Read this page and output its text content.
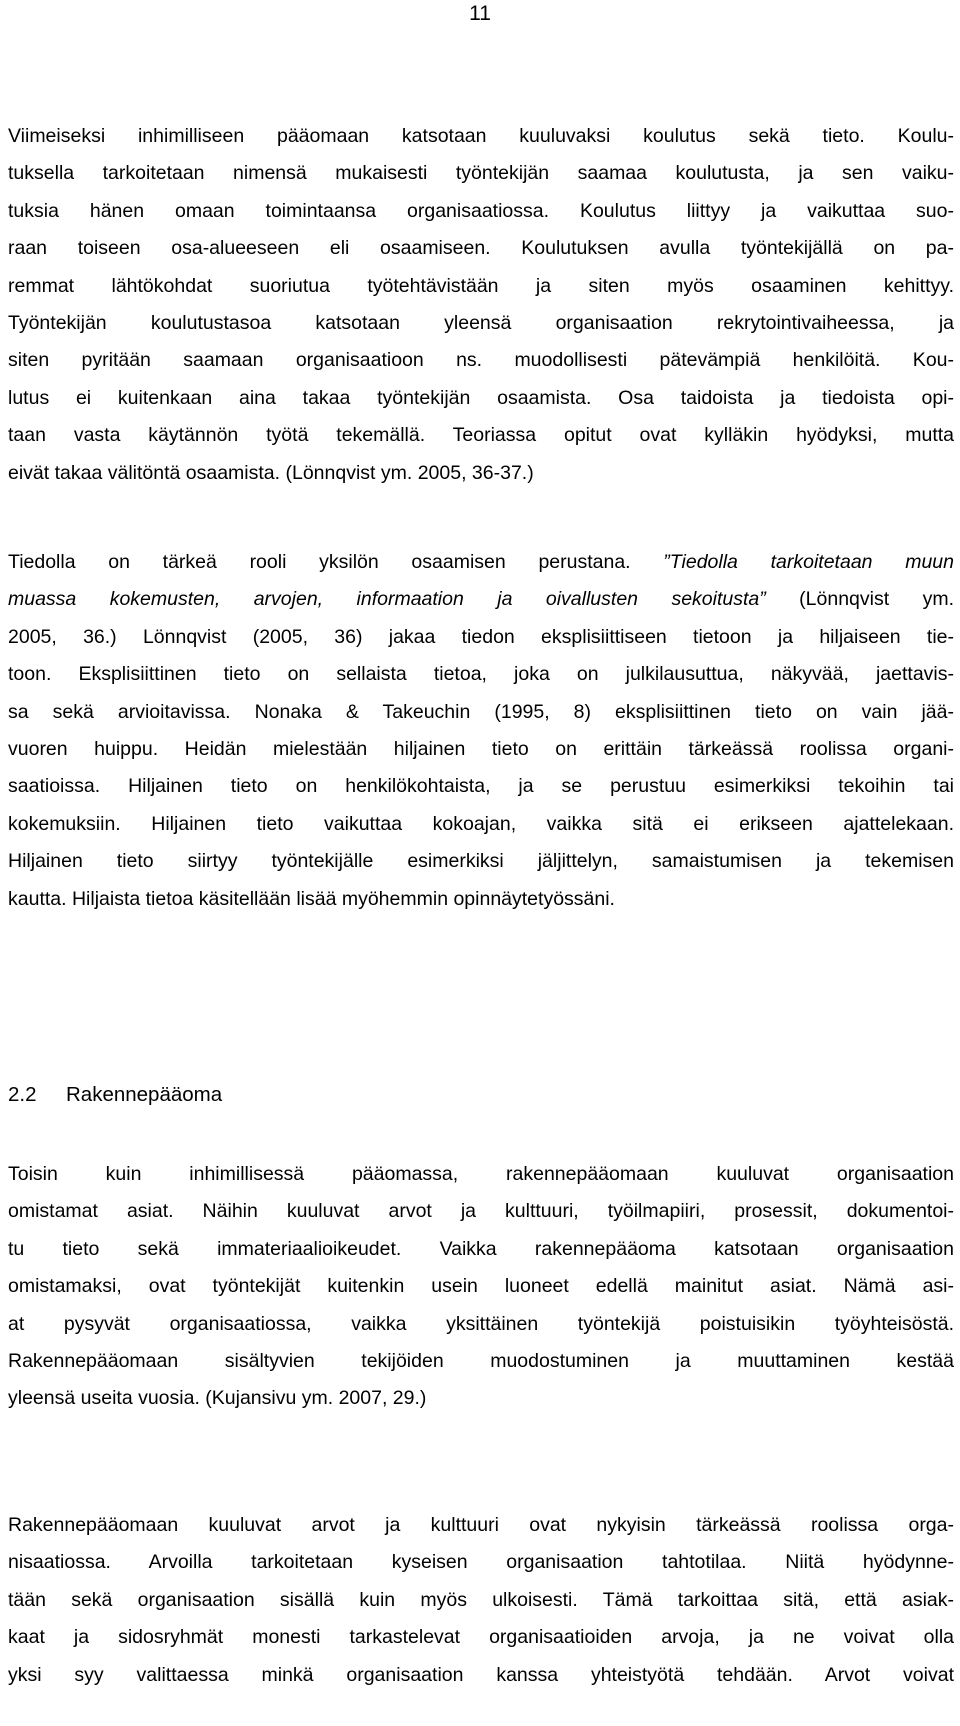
11
Viimeiseksi inhimilliseen pääomaan katsotaan kuuluvaksi koulutus sekä tieto. Koulu-
tuksella tarkoitetaan nimensä mukaisesti työntekijän saamaa koulutusta, ja sen vaiku-
tuksia hänen omaan toimintaansa organisaatiossa. Koulutus liittyy ja vaikuttaa suo-
raan toiseen osa-alueeseen eli osaamiseen. Koulutuksen avulla työntekijällä on pa-
remmat lähtökohdat suoriutua työtehtävistään ja siten myös osaaminen kehittyy.
Työntekijän koulutustasoa katsotaan yleensä organisaation rekrytointivaiheessa, ja
siten pyritään saamaan organisaatioon ns. muodollisesti pätevämpiä henkilöitä. Kou-
lutus ei kuitenkaan aina takaa työntekijän osaamista. Osa taidoista ja tiedoista opi-
taan vasta käytännön työtä tekemällä. Teoriassa opitut ovat kylläkin hyödyksi, mutta
eivät takaa välitöntä osaamista. (Lönnqvist ym. 2005, 36-37.)
Tiedolla on tärkeä rooli yksilön osaamisen perustana. ”Tiedolla tarkoitetaan muun
muassa kokemusten, arvojen, informaation ja oivallusten sekoitusta” (Lönnqvist ym.
2005, 36.) Lönnqvist (2005, 36) jakaa tiedon eksplisiittiseen tietoon ja hiljaiseen tie-
toon. Eksplisiittinen tieto on sellaista tietoa, joka on julkilausuttua, näkyvää, jaettavis-
sa sekä arvioitavissa. Nonaka & Takeuchin (1995, 8) eksplisiittinen tieto on vain jää-
vuoren huippu. Heidän mielestään hiljainen tieto on erittäin tärkeässä roolissa organi-
saatioissa. Hiljainen tieto on henkilökohtaista, ja se perustuu esimerkiksi tekoihin tai
kokemuksiin. Hiljainen tieto vaikuttaa kokoajan, vaikka sitä ei erikseen ajattelekaan.
Hiljainen tieto siirtyy työntekijälle esimerkiksi jäljittelyn, samaistumisen ja tekemisen
kautta. Hiljaista tietoa käsitellään lisää myöhemmin opinnäytetyössäni.
2.2 Rakennepääoma
Toisin kuin inhimillisessä pääomassa, rakennepääomaan kuuluvat organisaation
omistamat asiat. Näihin kuuluvat arvot ja kulttuuri, työilmapiiri, prosessit, dokumentoi-
tu tieto sekä immateriaalioikeudet. Vaikka rakennepääoma katsotaan organisaation
omistamaksi, ovat työntekijät kuitenkin usein luoneet edellä mainitut asiat. Nämä asi-
at pysyvät organisaatiossa, vaikka yksittäinen työntekijä poistuisikin työyhteisöstä.
Rakennepääomaan sisältyvien tekijöiden muodostuminen ja muuttaminen kestää
yleensä useita vuosia. (Kujansivu ym. 2007, 29.)
Rakennepääomaan kuuluvat arvot ja kulttuuri ovat nykyisin tärkeässä roolissa orga-
nisaatiossa. Arvoilla tarkoitetaan kyseisen organisaation tahtotilaa. Niitä hyödynne-
tään sekä organisaation sisällä kuin myös ulkoisesti. Tämä tarkoittaa sitä, että asiak-
kaat ja sidosryhmät monesti tarkastelevat organisaatioiden arvoja, ja ne voivat olla
yksi syy valittaessa minkä organisaation kanssa yhteistyötä tehdään. Arvot voivat
